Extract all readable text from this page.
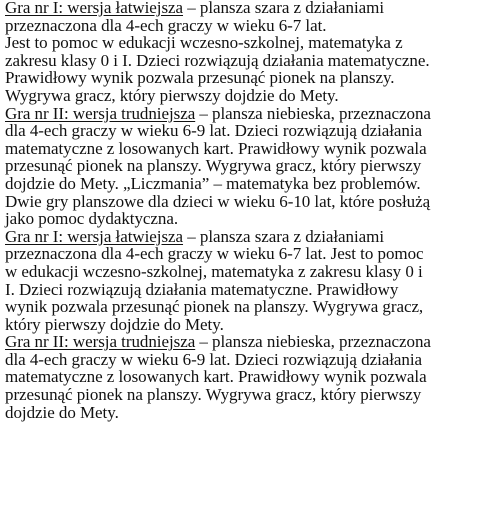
Gra nr I: wersja łatwiejsza – plansza szara z działaniami
przeznaczona dla 4-ech graczy w wieku 6-7 lat.
Jest to pomoc w edukacji wczesno-szkolnej, matematyka z
zakresu klasy 0 i I. Dzieci rozwiązują działania matematyczne.
Prawidłowy wynik pozwala przesunąć pionek na planszy.
Wygrywa gracz, który pierwszy dojdzie do Mety.
Gra nr II: wersja trudniejsza – plansza niebieska, przeznaczona
dla 4-ech graczy w wieku 6-9 lat. Dzieci rozwiązują działania
matematyczne z losowanych kart. Prawidłowy wynik pozwala
przesunąć pionek na planszy. Wygrywa gracz, który pierwszy
dojdzie do Mety. „Liczmania” – matematyka bez problemów.
Dwie gry planszowe dla dzieci w wieku 6-10 lat, które posłużą
jako pomoc dydaktyczna.
Gra nr I: wersja łatwiejsza – plansza szara z działaniami
przeznaczona dla 4-ech graczy w wieku 6-7 lat. Jest to pomoc
w edukacji wczesno-szkolnej, matematyka z zakresu klasy 0 i
I. Dzieci rozwiązują działania matematyczne. Prawidłowy
wynik pozwala przesunąć pionek na planszy. Wygrywa gracz,
który pierwszy dojdzie do Mety.
Gra nr II: wersja trudniejsza – plansza niebieska, przeznaczona
dla 4-ech graczy w wieku 6-9 lat. Dzieci rozwiązują działania
matematyczne z losowanych kart. Prawidłowy wynik pozwala
przesunąć pionek na planszy. Wygrywa gracz, który pierwszy
dojdzie do Mety.
